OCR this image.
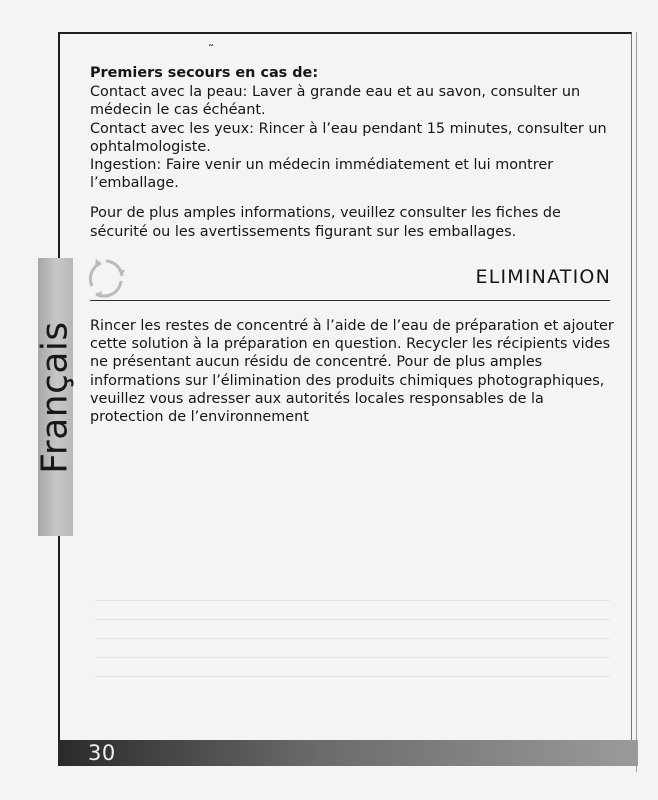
˜

Premiers secours en cas de:

Contact avec la peau: Laver à grande eau et au savon, consulter un médecin le cas échéant.

Contact avec les yeux: Rincer à l’eau pendant 15 minutes, consulter un ophtalmologiste.

Ingestion: Faire venir un médecin immédiatement et lui montrer l’emballage.

Pour de plus amples informations, veuillez consulter les fiches de sécurité ou les avertissements figurant sur les emballages.

ELIMINATION

Rincer les restes de concentré à l’aide de l’eau de préparation et ajouter cette solution à la préparation en question. Recycler les récipients vides ne présentant aucun résidu de concentré. Pour de plus amples informations sur l’élimination des produits chimiques photographiques, veuillez vous adresser aux autorités locales responsables de la protection de l’environnement

Français
30
